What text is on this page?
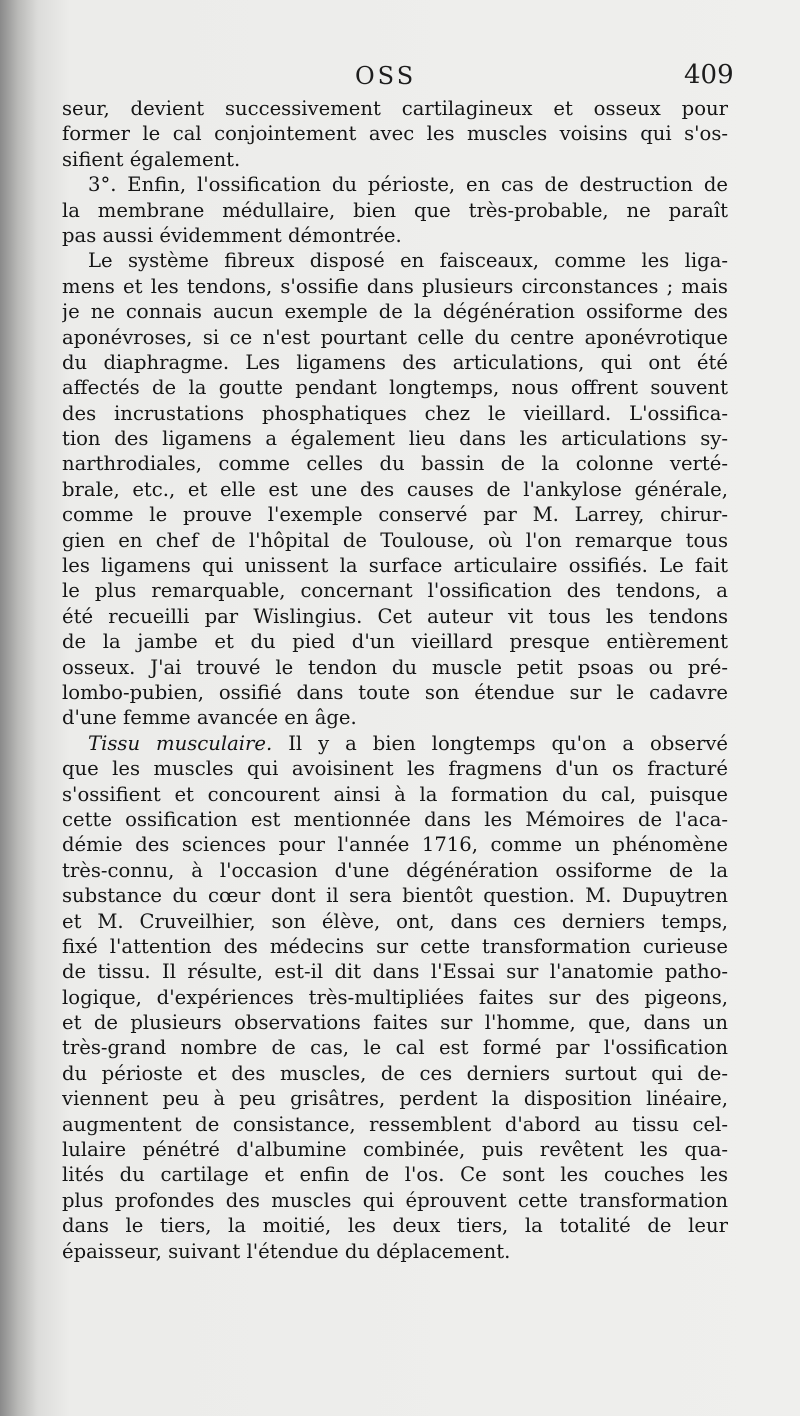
OSS	409
seur, devient successivement cartilagineux et osseux pour
former le cal conjointement avec les muscles voisins qui s'os-
sifient également.
3°. Enfin, l'ossification du périoste, en cas de destruction de
la membrane médullaire, bien que très-probable, ne paraît
pas aussi évidemment démontrée.
Le système fibreux disposé en faisceaux, comme les liga-
mens et les tendons, s'ossifie dans plusieurs circonstances ; mais
je ne connais aucun exemple de la dégénération ossiforme des
aponévroses, si ce n'est pourtant celle du centre aponévrotique
du diaphragme. Les ligamens des articulations, qui ont été
affectés de la goutte pendant longtemps, nous offrent souvent
des incrustations phosphatiques chez le vieillard. L'ossifica-
tion des ligamens a également lieu dans les articulations sy-
narthrodiales, comme celles du bassin de la colonne verté-
brale, etc., et elle est une des causes de l'ankylose générale,
comme le prouve l'exemple conservé par M. Larrey, chirur-
gien en chef de l'hôpital de Toulouse, où l'on remarque tous
les ligamens qui unissent la surface articulaire ossifiés. Le fait
le plus remarquable, concernant l'ossification des tendons, a
été recueilli par Wislingius. Cet auteur vit tous les tendons
de la jambe et du pied d'un vieillard presque entièrement
osseux. J'ai trouvé le tendon du muscle petit psoas ou pré-
lombo-pubien, ossifié dans toute son étendue sur le cadavre
d'une femme avancée en âge.
Tissu musculaire. Il y a bien longtemps qu'on a observé
que les muscles qui avoisinent les fragmens d'un os fracturé
s'ossifient et concourent ainsi à la formation du cal, puisque
cette ossification est mentionnée dans les Mémoires de l'aca-
démie des sciences pour l'année 1716, comme un phénomène
très-connu, à l'occasion d'une dégénération ossiforme de la
substance du cœur dont il sera bientôt question. M. Dupuytren
et M. Cruveilhier, son élève, ont, dans ces derniers temps,
fixé l'attention des médecins sur cette transformation curieuse
de tissu. Il résulte, est-il dit dans l'Essai sur l'anatomie patho-
logique, d'expériences très-multipliées faites sur des pigeons,
et de plusieurs observations faites sur l'homme, que, dans un
très-grand nombre de cas, le cal est formé par l'ossification
du périoste et des muscles, de ces derniers surtout qui de-
viennent peu à peu grisâtres, perdent la disposition linéaire,
augmentent de consistance, ressemblent d'abord au tissu cel-
lulaire pénétré d'albumine combinée, puis revêtent les qua-
lités du cartilage et enfin de l'os. Ce sont les couches les
plus profondes des muscles qui éprouvent cette transformation
dans le tiers, la moitié, les deux tiers, la totalité de leur
épaisseur, suivant l'étendue du déplacement.
